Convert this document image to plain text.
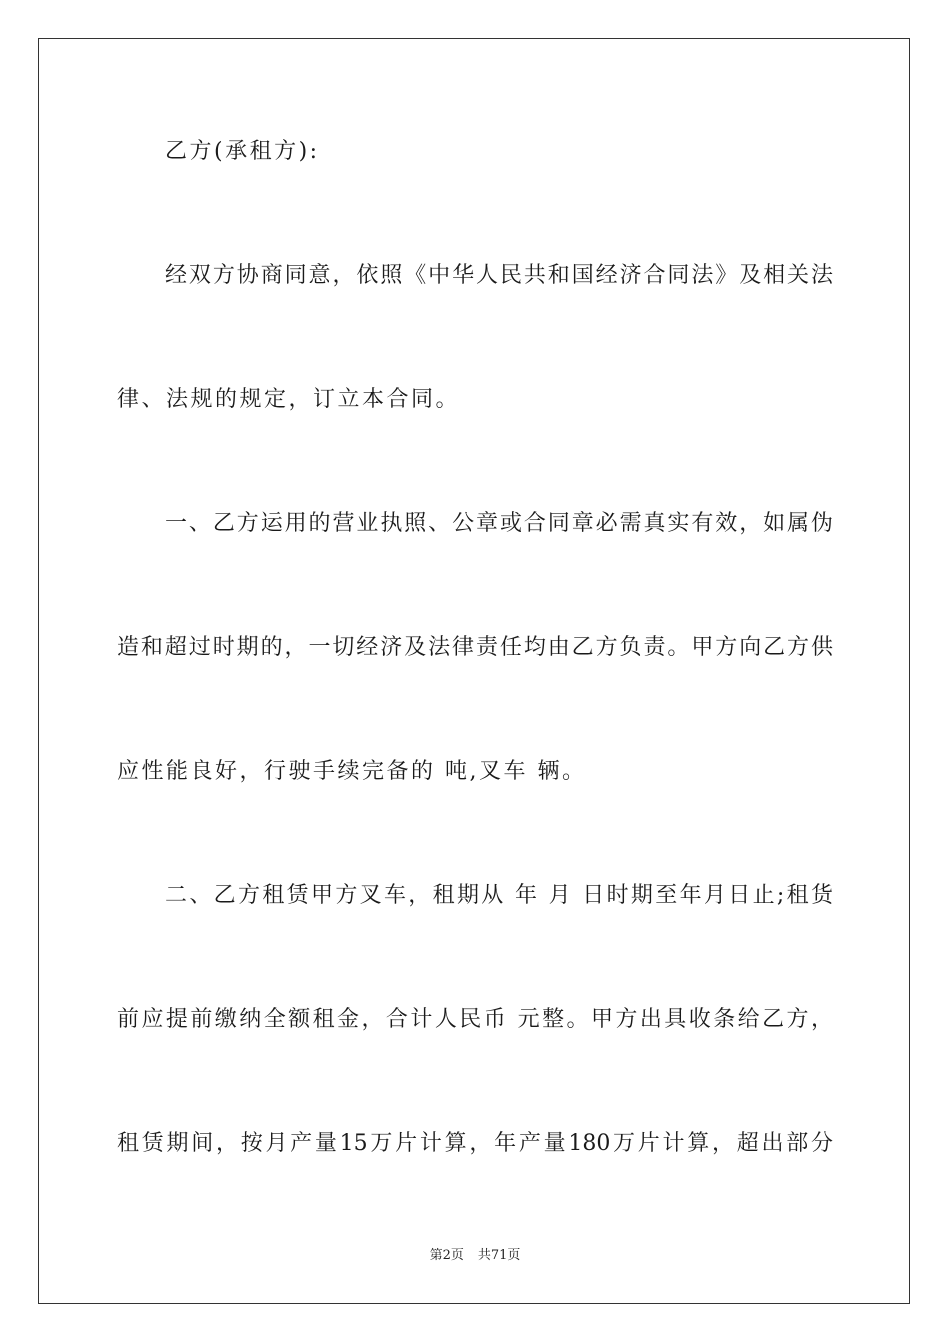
乙方(承租方):
经双方协商同意，依照《中华人民共和国经济合同法》及相关法
律、法规的规定，订立本合同。
一、乙方运用的营业执照、公章或合同章必需真实有效，如属伪
造和超过时期的，一切经济及法律责任均由乙方负责。甲方向乙方供
应性能良好，行驶手续完备的 吨,叉车 辆。
二、乙方租赁甲方叉车，租期从 年 月 日时期至年月日止;租货
前应提前缴纳全额租金，合计人民币 元整。甲方出具收条给乙方，
租赁期间，按月产量15万片计算，年产量180万片计算，超出部分
第2页 共71页
